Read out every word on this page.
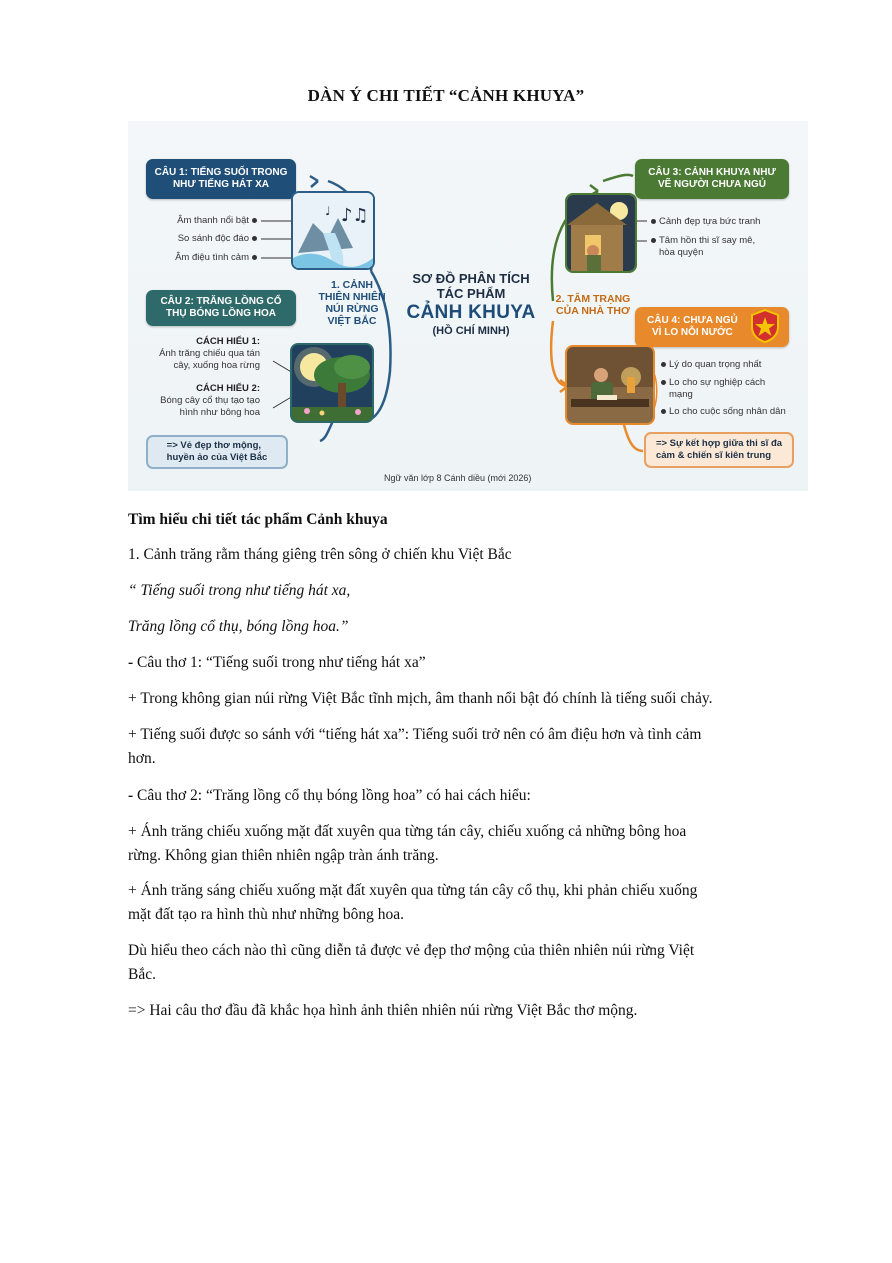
DÀN Ý CHI TIẾT “CẢNH KHUYA”
CÂU 1: TIẾNG SUỐI TRONG
NHƯ TIẾNG HÁT XA
Âm thanh nổi bật
So sánh độc đáo
Âm điệu tình cảm
♪♫
♩
CÂU 2: TRĂNG LỒNG CỔ
THỤ BÓNG LỒNG HOA
CÁCH HIỂU 1:
Ánh trăng chiếu qua tán
cây, xuống hoa rừng
CÁCH HIỂU 2:
Bóng cây cổ thụ tạo tạo
hình như bông hoa
=> Vẻ đẹp thơ mộng,
huyền ảo của Việt Bắc
1. CẢNH
THIÊN NHIÊN
NÚI RỪNG
VIỆT BẮC
SƠ ĐỒ PHÂN TÍCH
TÁC PHẨM
CẢNH KHUYA
(HỒ CHÍ MINH)
2. TÂM TRẠNG
CỦA NHÀ THƠ
CÂU 3: CẢNH KHUYA NHƯ
VẼ NGƯỜI CHƯA NGỦ
Cảnh đẹp tựa bức tranh
Tâm hồn thi sĩ say mê,
hòa quyện
CÂU 4: CHƯA NGỦ
VÌ LO NỖI NƯỚC
Lý do quan trọng nhất
Lo cho sự nghiệp cách
mạng
Lo cho cuộc sống nhân dân
=> Sự kết hợp giữa thi sĩ đa
cảm & chiến sĩ kiên trung
Ngữ văn lớp 8 Cánh diều (mới 2026)
Tìm hiểu chi tiết tác phẩm Cảnh khuya
1. Cảnh trăng rằm tháng giêng trên sông ở chiến khu Việt Bắc
“ Tiếng suối trong như tiếng hát xa,
Trăng lồng cổ thụ, bóng lồng hoa.”
- Câu thơ 1: “Tiếng suối trong như tiếng hát xa”
+ Trong không gian núi rừng Việt Bắc tĩnh mịch, âm thanh nổi bật đó chính là tiếng suối chảy.
+ Tiếng suối được so sánh với “tiếng hát xa”: Tiếng suối trở nên có âm điệu hơn và tình cảm
hơn.
- Câu thơ 2: “Trăng lồng cổ thụ bóng lồng hoa” có hai cách hiểu:
+ Ánh trăng chiếu xuống mặt đất xuyên qua từng tán cây, chiếu xuống cả những bông hoa
rừng. Không gian thiên nhiên ngập tràn ánh trăng.
+ Ánh trăng sáng chiếu xuống mặt đất xuyên qua từng tán cây cổ thụ, khi phản chiếu xuống
mặt đất tạo ra hình thù như những bông hoa.
Dù hiểu theo cách nào thì cũng diễn tả được vẻ đẹp thơ mộng của thiên nhiên núi rừng Việt
Bắc.
=> Hai câu thơ đầu đã khắc họa hình ảnh thiên nhiên núi rừng Việt Bắc thơ mộng.
